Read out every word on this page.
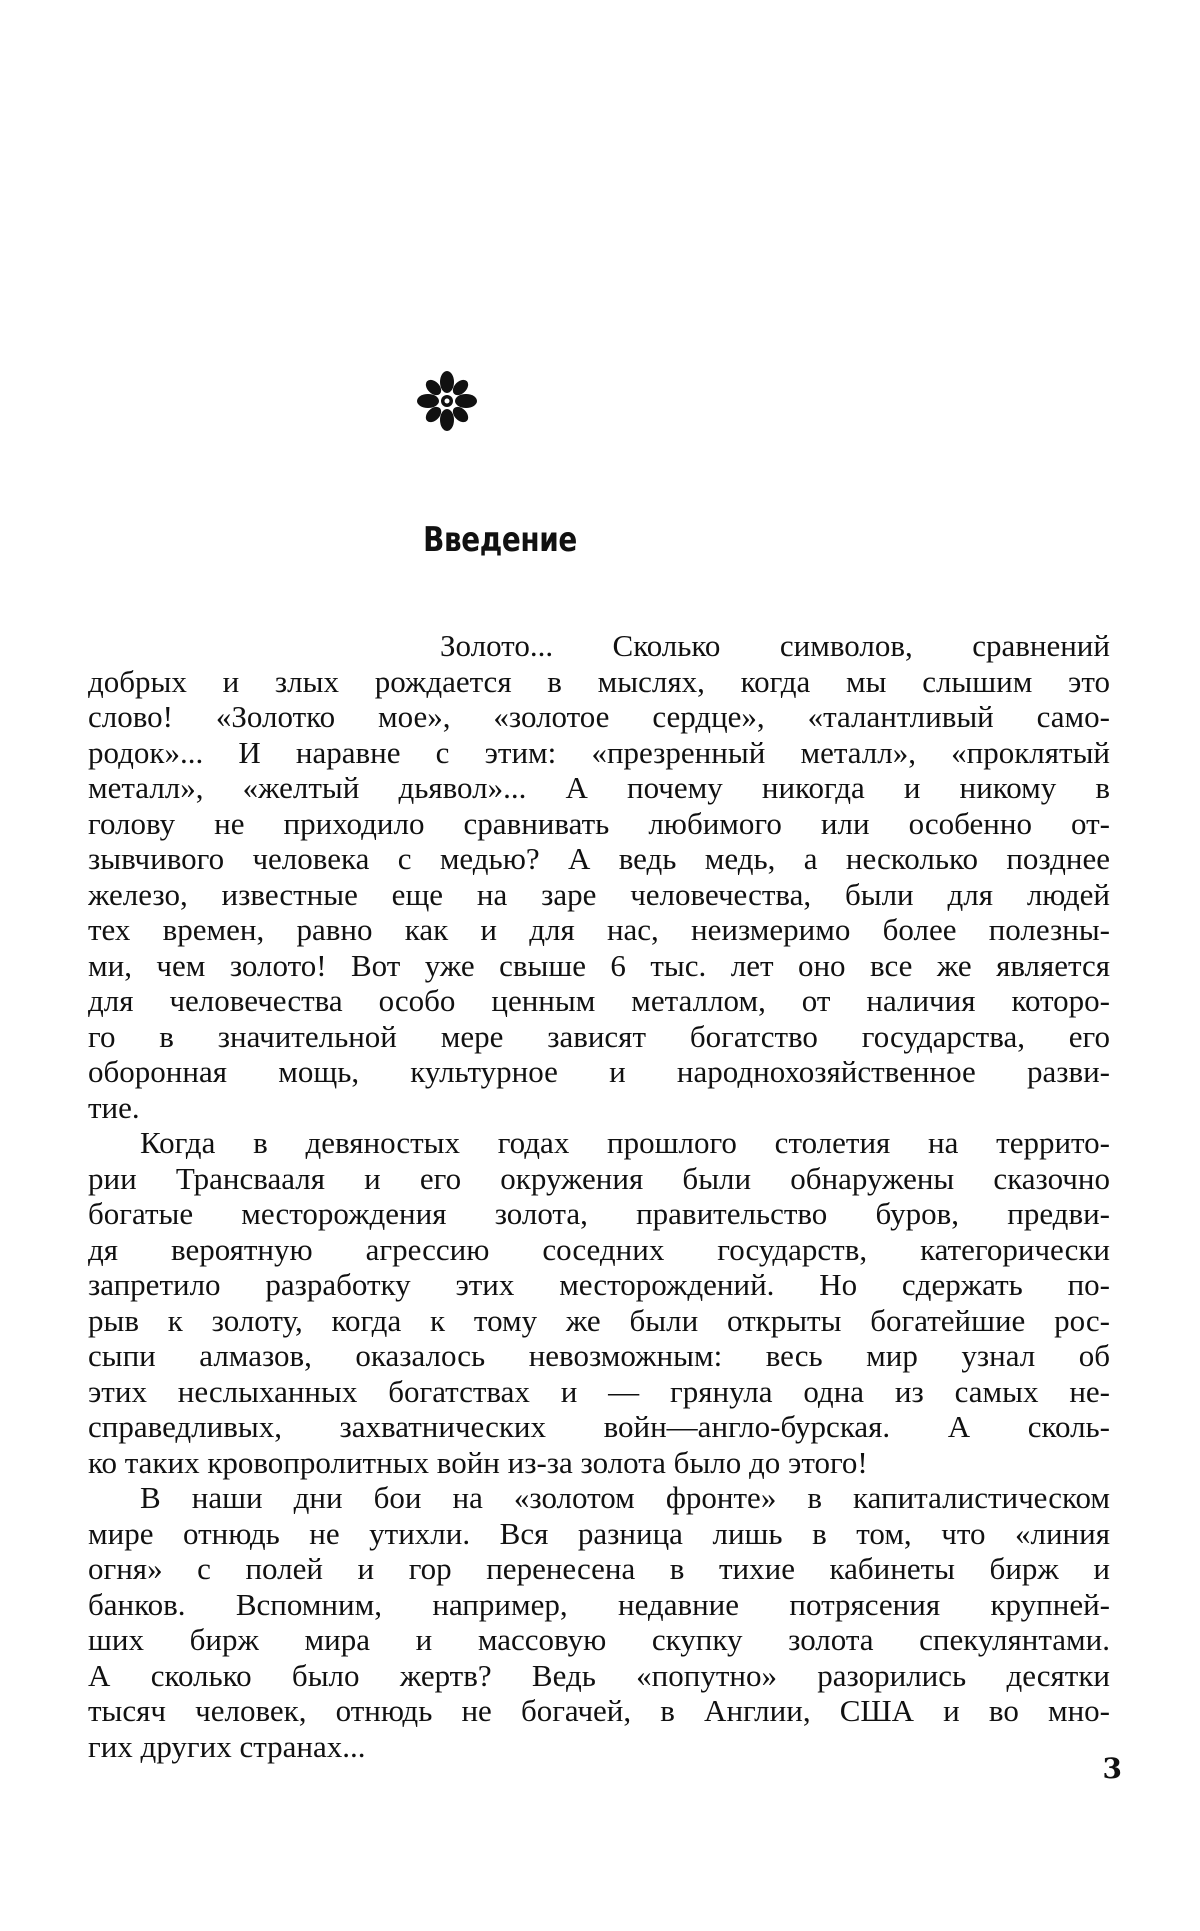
Введение
Золото... Сколько символов, сравнений
добрых и злых рождается в мыслях, когда мы слышим это
слово! «Золотко мое», «золотое сердце», «талантливый само-
родок»... И наравне с этим: «презренный металл», «проклятый
металл», «желтый дьявол»... А почему никогда и никому в
голову не приходило сравнивать любимого или особенно от-
зывчивого человека с медью? А ведь медь, а несколько позднее
железо, известные еще на заре человечества, были для людей
тех времен, равно как и для нас, неизмеримо более полезны-
ми, чем золото! Вот уже свыше 6 тыс. лет оно все же является
для человечества особо ценным металлом, от наличия которо-
го в значительной мере зависят богатство государства, его
оборонная мощь, культурное и народнохозяйственное разви-
тие.
Когда в девяностых годах прошлого столетия на террито-
рии Трансвааля и его окружения были обнаружены сказочно
богатые месторождения золота, правительство буров, предви-
дя вероятную агрессию соседних государств, категорически
запретило разработку этих месторождений. Но сдержать по-
рыв к золоту, когда к тому же были открыты богатейшие рос-
сыпи алмазов, оказалось невозможным: весь мир узнал об
этих неслыханных богатствах и — грянула одна из самых не-
справедливых, захватнических войн—англо-бурская. А сколь-
ко таких кровопролитных войн из-за золота было до этого!
В наши дни бои на «золотом фронте» в капиталистическом
мире отнюдь не утихли. Вся разница лишь в том, что «линия
огня» с полей и гор перенесена в тихие кабинеты бирж и
банков. Вспомним, например, недавние потрясения крупней-
ших бирж мира и массовую скупку золота спекулянтами.
А сколько было жертв? Ведь «попутно» разорились десятки
тысяч человек, отнюдь не богачей, в Англии, США и во мно-
гих других странах...

3
